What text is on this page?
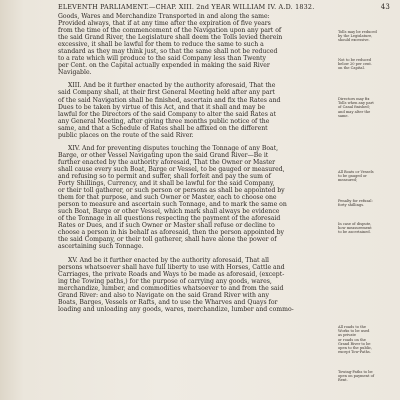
ELEVENTH PARLIAMENT.—CHAP. XIII. 2nd YEAR WILLIAM IV. A.D. 1832.	43
Goods, Wares and Merchandize Transported in and along the same:
Provided always, that if at any time after the expiration of five years
from the time of the commencement of the Navigation upon any part of
the said Grand River, the Legislature shall deem the Tolls levied therein
excessive, it shall be lawful for them to reduce the same to such a
standard as they may think just, so that the same shall not be reduced
to a rate which will produce to the said Company less than Twenty
per Cent. on the Capital actually expended in making the said River
Navigable.
XIII. And be it further enacted by the authority aforesaid, That the
said Company shall, at their first General Meeting held after any part
of the said Navigation shall be finished, ascertain and fix the Rates and
Dues to be taken by virtue of this Act, and that it shall and may be
lawful for the Directors of the said Company to alter the said Rates at
any General Meeting, after giving three months public notice of the
same, and that a Schedule of Rates shall be affixed on the different
public places on the route of the said River.
XIV. And for preventing disputes touching the Tonnage of any Boat,
Barge, or other Vessel Navigating upon the said Grand River—Be it
further enacted by the authority aforesaid, That the Owner or Master
shall cause every such Boat, Barge or Vessel, to be gauged or measured,
and refusing so to permit and suffer, shall forfeit and pay the sum of
Forty Shillings, Currency, and it shall be lawful for the said Company,
or their toll gatherer, or such person or persons as shall be appointed by
them for that purpose, and such Owner or Master, each to choose one
person to measure and ascertain such Tonnage, and to mark the same on
such Boat, Barge or other Vessel, which mark shall always be evidence
of the Tonnage in all questions respecting the payment of the aforesaid
Rates or Dues, and if such Owner or Master shall refuse or decline to
choose a person in his behalf as aforesaid, then the person appointed by
the said Company, or their toll gatherer, shall have alone the power of
ascertaining such Tonnage.
XV. And be it further enacted by the authority aforesaid, That all
persons whatsoever shall have full liberty to use with Horses, Cattle and
Carriages, the private Roads and Ways to be made as aforesaid, (except-
ing the Towing paths,) for the purpose of carrying any goods, wares,
merchandize, lumber, and commodities whatsoever to and from the said
Grand River: and also to Navigate on the said Grand River with any
Boats, Barges, Vessels or Rafts, and to use the Wharves and Quays for
loading and unloading any goods, wares, merchandize, lumber and commo-
Tolls may be reduced
by the Legislature,
should excessive.
Not to be reduced
below 20 per cent.
on the Capital.
Directors may fix
Tolls when any part
of Canal finished;
and may alter the
same.
All Boats or Vessels
to be gauged or
measured;
Penalty for refusal:
forty shillings.
In case of dispute,
how measurement
to be ascertained.
All roads to the
Works to be used
as private
or roads on the
Grand River to be
open to the public,
except Tow-Paths.
Towing-Paths to be
open on payment of
Rent.
